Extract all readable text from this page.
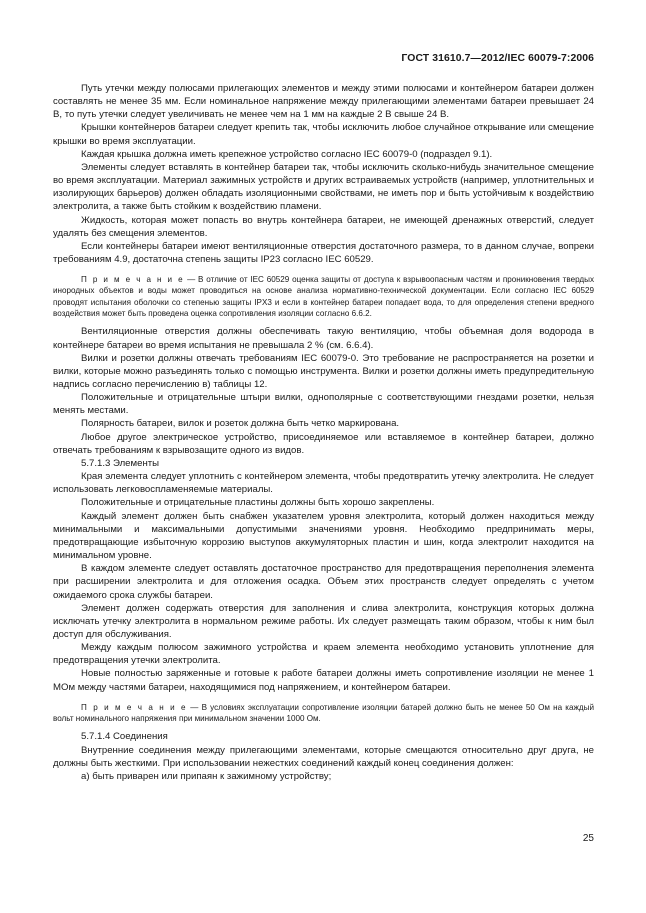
ГОСТ 31610.7—2012/IEC 60079-7:2006

Путь утечки между полюсами прилегающих элементов и между этими полюсами и контейнером батареи должен составлять не менее 35 мм. Если номинальное напряжение между прилегающими элементами батареи превышает 24 В, то путь утечки следует увеличивать не менее чем на 1 мм на каждые 2 В свыше 24 В.

Крышки контейнеров батареи следует крепить так, чтобы исключить любое случайное открывание или смещение крышки во время эксплуатации.

Каждая крышка должна иметь крепежное устройство согласно IEC 60079-0 (подраздел 9.1).

Элементы следует вставлять в контейнер батареи так, чтобы исключить сколько-нибудь значительное смещение во время эксплуатации. Материал зажимных устройств и других встраиваемых устройств (например, уплотнительных и изолирующих барьеров) должен обладать изоляционными свойствами, не иметь пор и быть устойчивым к воздействию электролита, а также быть стойким к воздействию пламени.

Жидкость, которая может попасть во внутрь контейнера батареи, не имеющей дренажных отверстий, следует удалять без смещения элементов.

Если контейнеры батареи имеют вентиляционные отверстия достаточного размера, то в данном случае, вопреки требованиям 4.9, достаточна степень защиты IP23 согласно IEC 60529.

П р и м е ч а н и е — В отличие от IEC 60529 оценка защиты от доступа к взрывоопасным частям и проникновения твердых инородных объектов и воды может проводиться на основе анализа нормативно-технической документации. Если согласно IEC 60529 проводят испытания оболочки со степенью защиты IPX3 и если в контейнер батареи попадает вода, то для определения степени вредного воздействия может быть проведена оценка сопротивления изоляции согласно 6.6.2.

Вентиляционные отверстия должны обеспечивать такую вентиляцию, чтобы объемная доля водорода в контейнере батареи во время испытания не превышала 2 % (см. 6.6.4).

Вилки и розетки должны отвечать требованиям IEC 60079-0. Это требование не распространяется на розетки и вилки, которые можно разъединять только с помощью инструмента. Вилки и розетки должны иметь предупредительную надпись согласно перечислению в) таблицы 12.

Положительные и отрицательные штыри вилки, однополярные с соответствующими гнездами розетки, нельзя менять местами.

Полярность батареи, вилок и розеток должна быть четко маркирована.

Любое другое электрическое устройство, присоединяемое или вставляемое в контейнер батареи, должно отвечать требованиям к взрывозащите одного из видов.

5.7.1.3 Элементы

Края элемента следует уплотнить с контейнером элемента, чтобы предотвратить утечку электролита. Не следует использовать легковоспламеняемые материалы.

Положительные и отрицательные пластины должны быть хорошо закреплены.

Каждый элемент должен быть снабжен указателем уровня электролита, который должен находиться между минимальными и максимальными допустимыми значениями уровня. Необходимо предпринимать меры, предотвращающие избыточную коррозию выступов аккумуляторных пластин и шин, когда электролит находится на минимальном уровне.

В каждом элементе следует оставлять достаточное пространство для предотвращения переполнения элемента при расширении электролита и для отложения осадка. Объем этих пространств следует определять с учетом ожидаемого срока службы батареи.

Элемент должен содержать отверстия для заполнения и слива электролита, конструкция которых должна исключать утечку электролита в нормальном режиме работы. Их следует размещать таким образом, чтобы к ним был доступ для обслуживания.

Между каждым полюсом зажимного устройства и краем элемента необходимо установить уплотнение для предотвращения утечки электролита.

Новые полностью заряженные и готовые к работе батареи должны иметь сопротивление изоляции не менее 1 МОм между частями батареи, находящимися под напряжением, и контейнером батареи.

П р и м е ч а н и е — В условиях эксплуатации сопротивление изоляции батарей должно быть не менее 50 Ом на каждый вольт номинального напряжения при минимальном значении 1000 Ом.

5.7.1.4 Соединения

Внутренние соединения между прилегающими элементами, которые смещаются относительно друг друга, не должны быть жесткими. При использовании нежестких соединений каждый конец соединения должен:

а) быть приварен или припаян к зажимному устройству;

25
